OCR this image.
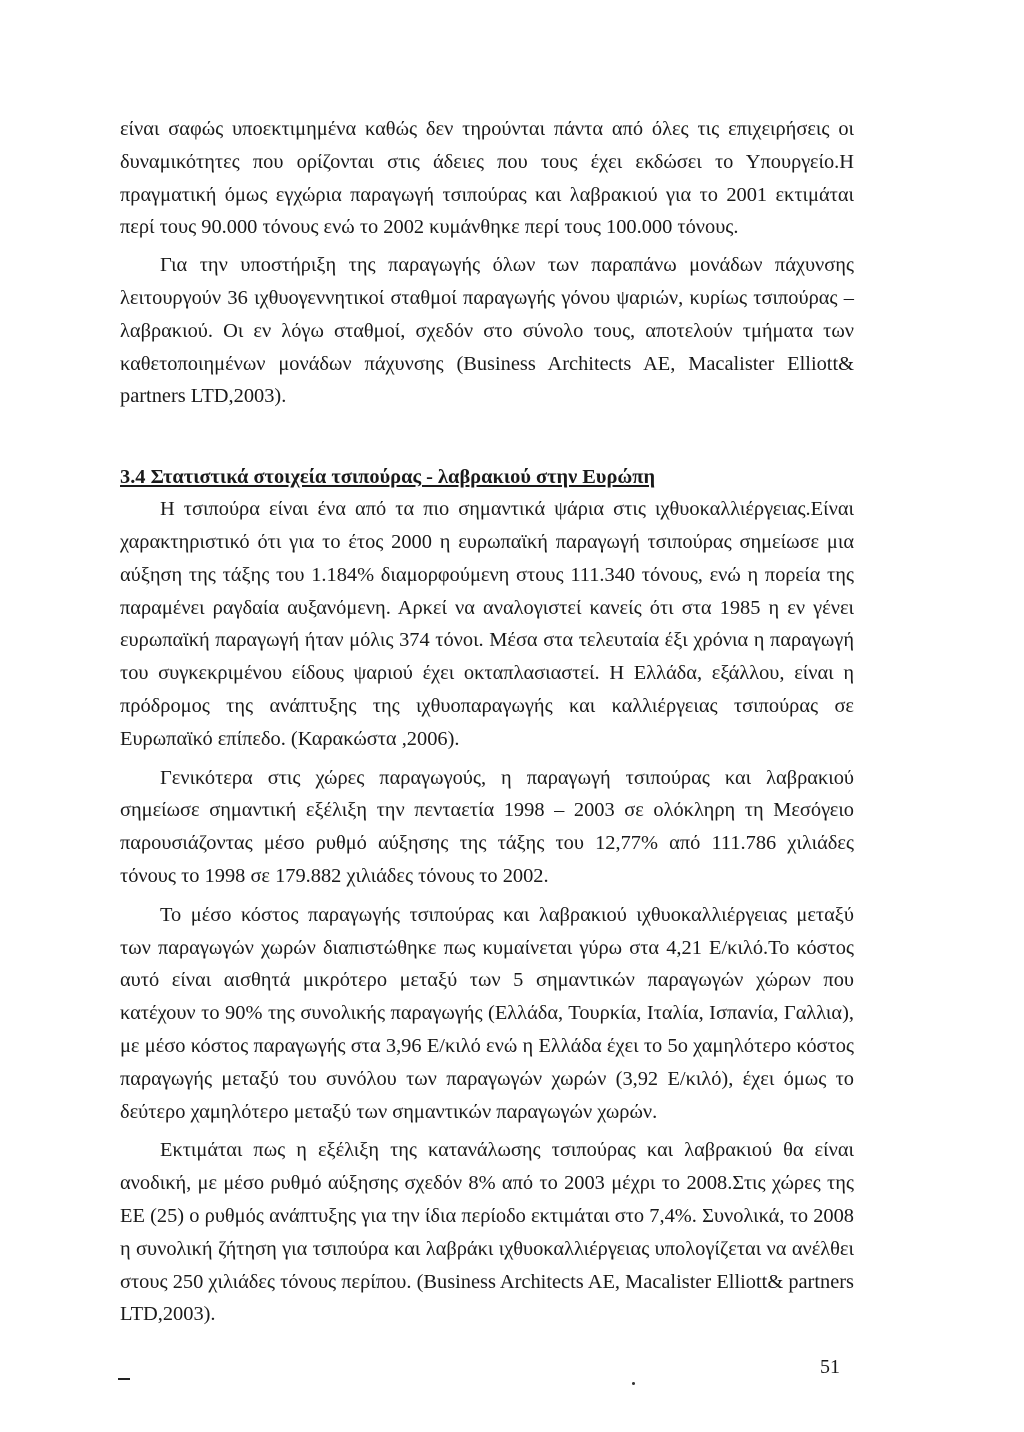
είναι σαφώς υποεκτιμημένα καθώς δεν τηρούνται πάντα από όλες τις επιχειρήσεις οι δυναμικότητες που ορίζονται στις άδειες που τους έχει εκδώσει το Υπουργείο.Η πραγματική όμως εγχώρια παραγωγή τσιπούρας και λαβρακιού για το 2001 εκτιμάται περί τους 90.000 τόνους ενώ το 2002 κυμάνθηκε περί τους 100.000 τόνους.

Για την υποστήριξη της παραγωγής όλων των παραπάνω μονάδων πάχυνσης λειτουργούν 36 ιχθυογεννητικοί σταθμοί παραγωγής γόνου ψαριών, κυρίως τσιπούρας – λαβρακιού. Οι εν λόγω σταθμοί, σχεδόν στο σύνολο τους, αποτελούν τμήματα των καθετοποιημένων μονάδων πάχυνσης (Business Architects AE, Macalister Elliott& partners LTD,2003).

3.4 Στατιστικά στοιχεία τσιπούρας - λαβρακιού στην Ευρώπη

Η τσιπούρα είναι ένα από τα πιο σημαντικά ψάρια στις ιχθυοκαλλιέργειας.Είναι χαρακτηριστικό ότι για το έτος 2000 η ευρωπαϊκή παραγωγή τσιπούρας σημείωσε μια αύξηση της τάξης του 1.184% διαμορφούμενη στους 111.340 τόνους, ενώ η πορεία της παραμένει ραγδαία αυξανόμενη. Αρκεί να αναλογιστεί κανείς ότι στα 1985 η εν γένει ευρωπαϊκή παραγωγή ήταν μόλις 374 τόνοι. Μέσα στα τελευταία έξι χρόνια η παραγωγή του συγκεκριμένου είδους ψαριού έχει οκταπλασιαστεί. Η Ελλάδα, εξάλλου, είναι η πρόδρομος της ανάπτυξης της ιχθυοπαραγωγής και καλλιέργειας τσιπούρας σε Ευρωπαϊκό επίπεδο. (Καρακώστα ,2006).

Γενικότερα στις χώρες παραγωγούς, η παραγωγή τσιπούρας και λαβρακιού σημείωσε σημαντική εξέλιξη την πενταετία 1998 – 2003 σε ολόκληρη τη Μεσόγειο παρουσιάζοντας μέσο ρυθμό αύξησης της τάξης του 12,77% από 111.786 χιλιάδες τόνους το 1998 σε 179.882 χιλιάδες τόνους το 2002.

Το μέσο κόστος παραγωγής τσιπούρας και λαβρακιού ιχθυοκαλλιέργειας μεταξύ των παραγωγών χωρών διαπιστώθηκε πως κυμαίνεται γύρω στα 4,21 Ε/κιλό.Το κόστος αυτό είναι αισθητά μικρότερο μεταξύ των 5 σημαντικών παραγωγών χώρων που κατέχουν το 90% της συνολικής παραγωγής (Ελλάδα, Τουρκία, Ιταλία, Ισπανία, Γαλλια), με μέσο κόστος παραγωγής στα 3,96 Ε/κιλό ενώ η Ελλάδα έχει το 5ο χαμηλότερο κόστος παραγωγής μεταξύ του συνόλου των παραγωγών χωρών (3,92 Ε/κιλό), έχει όμως το δεύτερο χαμηλότερο μεταξύ των σημαντικών παραγωγών χωρών.

Εκτιμάται πως η εξέλιξη της κατανάλωσης τσιπούρας και λαβρακιού θα είναι ανοδική, με μέσο ρυθμό αύξησης σχεδόν 8% από το 2003 μέχρι το 2008.Στις χώρες της ΕΕ (25) ο ρυθμός ανάπτυξης για την ίδια περίοδο εκτιμάται στο 7,4%. Συνολικά, το 2008 η συνολική ζήτηση για τσιπούρα και λαβράκι ιχθυοκαλλιέργειας υπολογίζεται να ανέλθει στους 250 χιλιάδες τόνους περίπου. (Business Architects AE, Macalister Elliott& partners LTD,2003).

51
